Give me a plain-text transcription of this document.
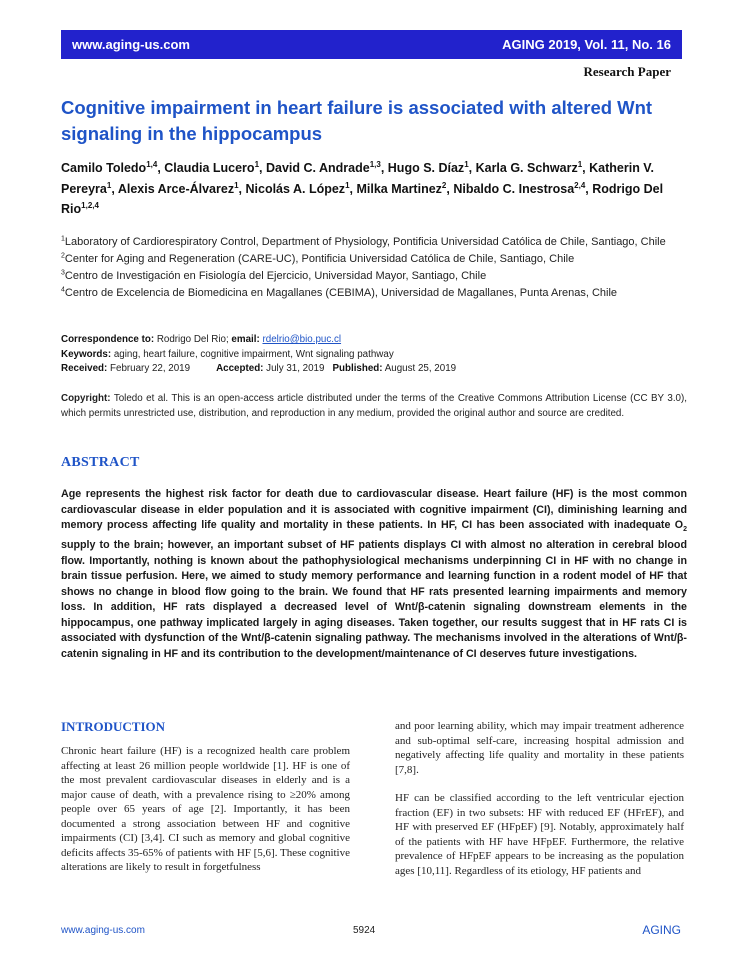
www.aging-us.com	AGING 2019, Vol. 11, No. 16
Research Paper
Cognitive impairment in heart failure is associated with altered Wnt signaling in the hippocampus
Camilo Toledo$^{1,4}$, Claudia Lucero$^1$, David C. Andrade$^{1,3}$, Hugo S. Díaz$^1$, Karla G. Schwarz$^1$, Katherin V. Pereyra$^1$, Alexis Arce-Álvarez$^1$, Nicolás A. López$^1$, Milka Martinez$^2$, Nibaldo C. Inestrosa$^{2,4}$, Rodrigo Del Rio$^{1,2,4}$

$^1$Laboratory of Cardiorespiratory Control, Department of Physiology, Pontificia Universidad Católica de Chile, Santiago, Chile

$^2$Center for Aging and Regeneration (CARE-UC), Pontificia Universidad Católica de Chile, Santiago, Chile

$^3$Centro de Investigación en Fisiología del Ejercicio, Universidad Mayor, Santiago, Chile

$^4$Centro de Excelencia de Biomedicina en Magallanes (CEBIMA), Universidad de Magallanes, Punta Arenas, Chile

Correspondence to: Rodrigo Del Rio; email: rdelrio@bio.puc.cl
Keywords: aging, heart failure, cognitive impairment, Wnt signaling pathway
Received: February 22, 2019	Accepted: July 31, 2019 Published: August 25, 2019
Copyright: Toledo et al. This is an open-access article distributed under the terms of the Creative Commons Attribution License (CC BY 3.0), which permits unrestricted use, distribution, and reproduction in any medium, provided the original author and source are credited.
ABSTRACT
Age represents the highest risk factor for death due to cardiovascular disease. Heart failure (HF) is the most common cardiovascular disease in elder population and it is associated with cognitive impairment (CI), diminishing learning and memory process affecting life quality and mortality in these patients. In HF, CI has been associated with inadequate $O_2$ supply to the brain; however, an important subset of HF patients displays CI with almost no alteration in cerebral blood flow. Importantly, nothing is known about the pathophysiological mechanisms underpinning CI in HF with no change in brain tissue perfusion. Here, we aimed to study memory performance and learning function in a rodent model of HF that shows no change in blood flow going to the brain. We found that HF rats presented learning impairments and memory loss. In addition, HF rats displayed a decreased level of Wnt/β-catenin signaling downstream elements in the hippocampus, one pathway implicated largely in aging diseases. Taken together, our results suggest that in HF rats CI is associated with dysfunction of the Wnt/β-catenin signaling pathway. The mechanisms involved in the alterations of Wnt/β-catenin signaling in HF and its contribution to the development/maintenance of CI deserves future investigations.
INTRODUCTION

Chronic heart failure (HF) is a recognized health care problem affecting at least 26 million people worldwide [1]. HF is one of the most prevalent cardiovascular diseases in elderly and is a major cause of death, with a prevalence rising to ≥20% among people over 65 years of age [2]. Importantly, it has been documented a strong association between HF and cognitive impairments (CI) [3,4]. CI such as memory and global cognitive deficits affects 35-65% of patients with HF [5,6]. These cognitive alterations are likely to result in forgetfulness

and poor learning ability, which may impair treatment adherence and sub-optimal self-care, increasing hospital admission and negatively affecting life quality and mortality in these patients [7,8].

HF can be classified according to the left ventricular ejection fraction (EF) in two subsets: HF with reduced EF (HFrEF), and HF with preserved EF (HFpEF) [9]. Notably, approximately half of the patients with HF have HFpEF. Furthermore, the relative prevalence of HFpEF appears to be increasing as the population ages [10,11]. Regardless of its etiology, HF patients and

www.aging-us.com	5924	AGING
